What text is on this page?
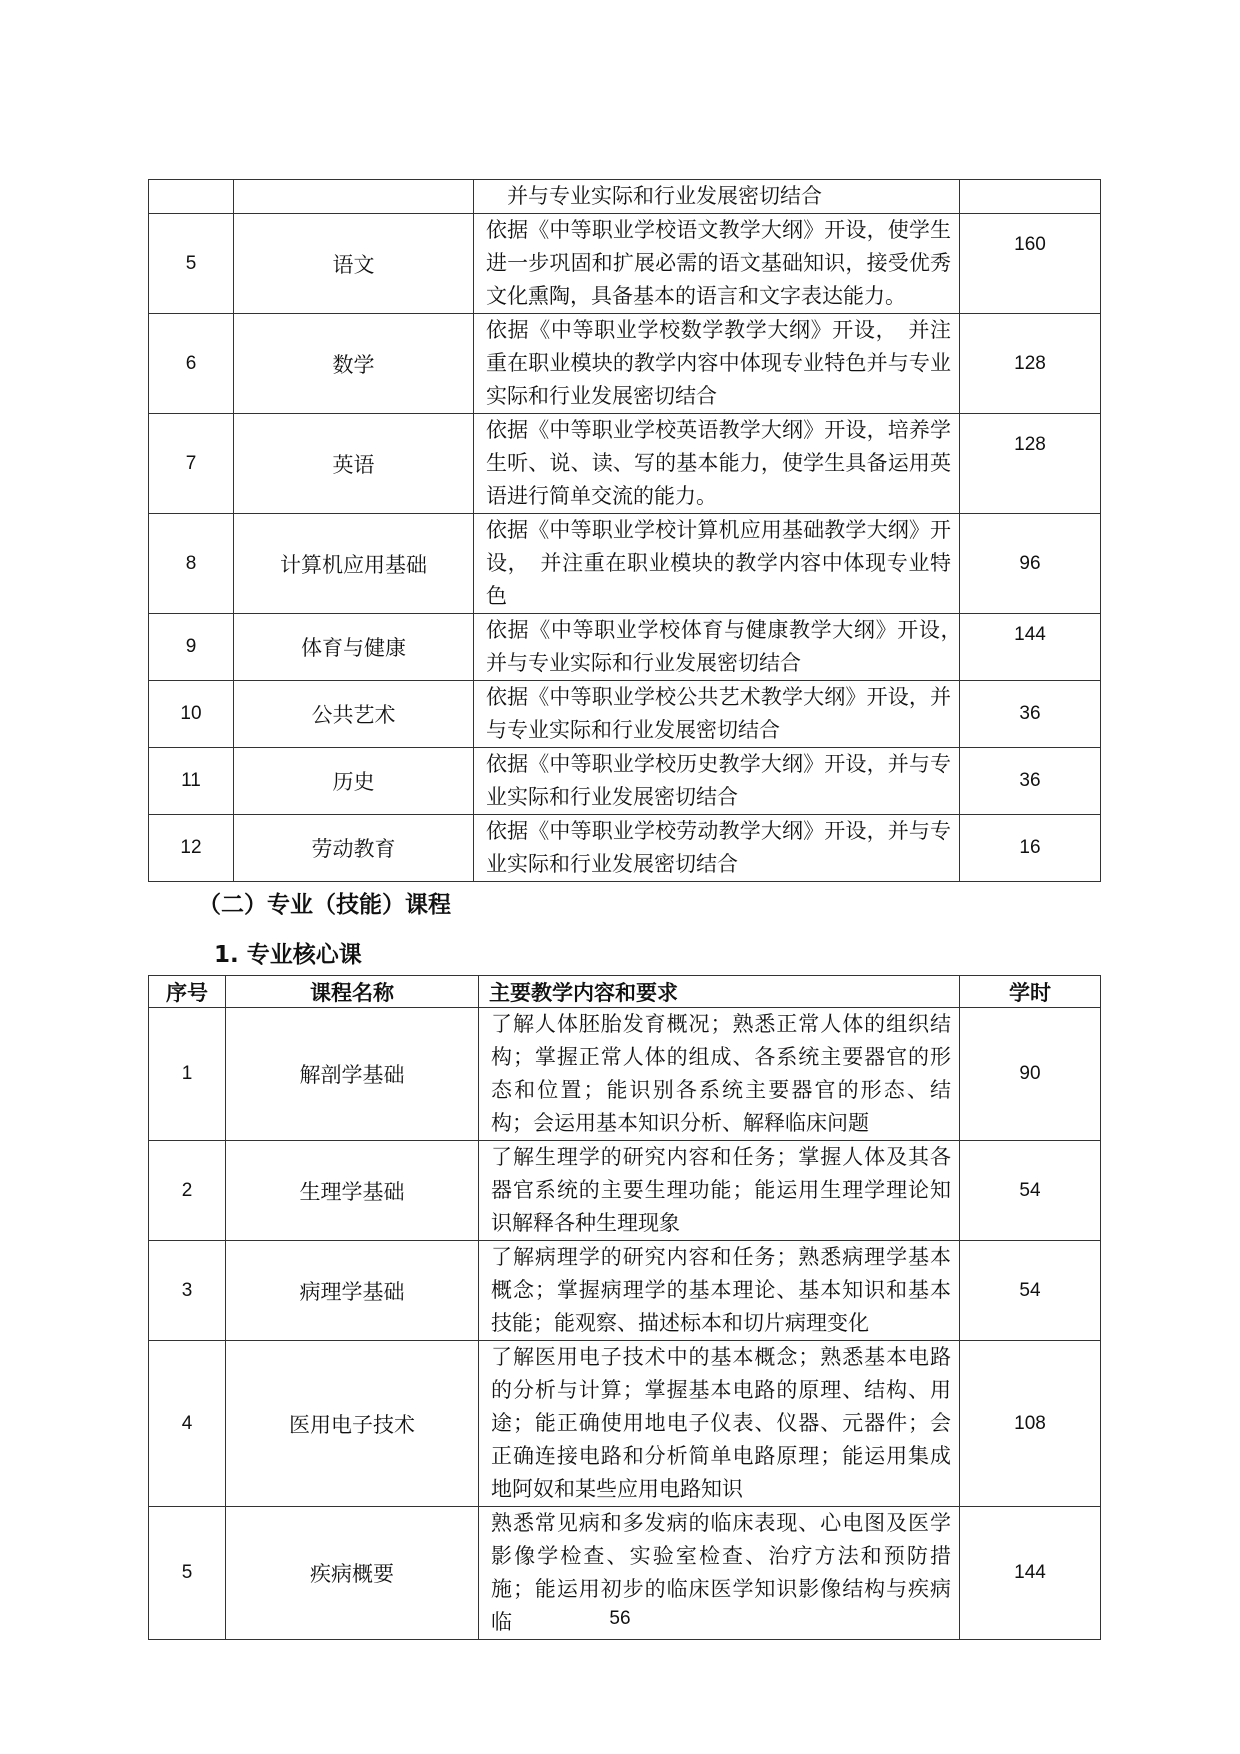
		　并与专业实际和行业发展密切结合	
5	语文	依据《中等职业学校语文教学大纲》开设，使学生进一步巩固和扩展必需的语文基础知识，接受优秀文化熏陶，具备基本的语言和文字表达能力。	160
6	数学	依据《中等职业学校数学教学大纲》开设，　并注重在职业模块的教学内容中体现专业特色并与专业实际和行业发展密切结合	128
7	英语	依据《中等职业学校英语教学大纲》开设，培养学生听、说、读、写的基本能力，使学生具备运用英语进行简单交流的能力。	128
8	计算机应用基础	依据《中等职业学校计算机应用基础教学大纲》开设，　并注重在职业模块的教学内容中体现专业特色	96
9	体育与健康	依据《中等职业学校体育与健康教学大纲》开设，　并与专业实际和行业发展密切结合	144
10	公共艺术	依据《中等职业学校公共艺术教学大纲》开设，并与专业实际和行业发展密切结合	36
11	历史	依据《中等职业学校历史教学大纲》开设，并与专业实际和行业发展密切结合	36
12	劳动教育	依据《中等职业学校劳动教学大纲》开设，并与专业实际和行业发展密切结合	16
（二）专业（技能）课程
1. 专业核心课
序号	课程名称	主要教学内容和要求	学时
1	解剖学基础	了解人体胚胎发育概况；熟悉正常人体的组织结构；掌握正常人体的组成、各系统主要器官的形态和位置；能识别各系统主要器官的形态、结构；会运用基本知识分析、解释临床问题	90
2	生理学基础	了解生理学的研究内容和任务；掌握人体及其各器官系统的主要生理功能；能运用生理学理论知识解释各种生理现象	54
3	病理学基础	了解病理学的研究内容和任务；熟悉病理学基本概念；掌握病理学的基本理论、基本知识和基本技能；能观察、描述标本和切片病理变化	54
4	医用电子技术	了解医用电子技术中的基本概念；熟悉基本电路的分析与计算；掌握基本电路的原理、结构、用途；能正确使用地电子仪表、仪器、元器件；会正确连接电路和分析简单电路原理；能运用集成地阿奴和某些应用电路知识	108
5	疾病概要	熟悉常见病和多发病的临床表现、心电图及医学影像学检查、实验室检查、治疗方法和预防措施；能运用初步的临床医学知识影像结构与疾病临	144
56
